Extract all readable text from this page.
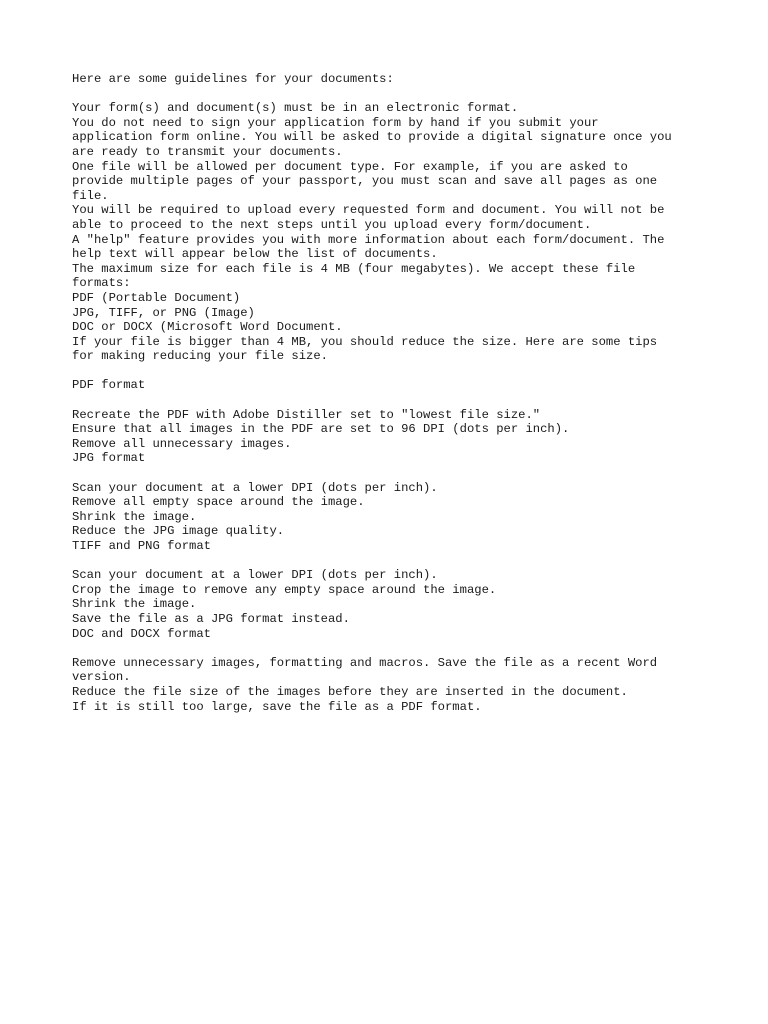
Here are some guidelines for your documents:

Your form(s) and document(s) must be in an electronic format.

You do not need to sign your application form by hand if you submit your

application form online. You will be asked to provide a digital signature once you

are ready to transmit your documents.

One file will be allowed per document type. For example, if you are asked to

provide multiple pages of your passport, you must scan and save all pages as one

file.

You will be required to upload every requested form and document. You will not be

able to proceed to the next steps until you upload every form/document.

A "help" feature provides you with more information about each form/document. The

help text will appear below the list of documents.

The maximum size for each file is 4 MB (four megabytes). We accept these file

formats:

PDF (Portable Document)

JPG, TIFF, or PNG (Image)

DOC or DOCX (Microsoft Word Document.

If your file is bigger than 4 MB, you should reduce the size. Here are some tips

for making reducing your file size.

PDF format

Recreate the PDF with Adobe Distiller set to "lowest file size."

Ensure that all images in the PDF are set to 96 DPI (dots per inch).

Remove all unnecessary images.

JPG format

Scan your document at a lower DPI (dots per inch).

Remove all empty space around the image.

Shrink the image.

Reduce the JPG image quality.

TIFF and PNG format

Scan your document at a lower DPI (dots per inch).

Crop the image to remove any empty space around the image.

Shrink the image.

Save the file as a JPG format instead.

DOC and DOCX format

Remove unnecessary images, formatting and macros. Save the file as a recent Word

version.

Reduce the file size of the images before they are inserted in the document.

If it is still too large, save the file as a PDF format.
